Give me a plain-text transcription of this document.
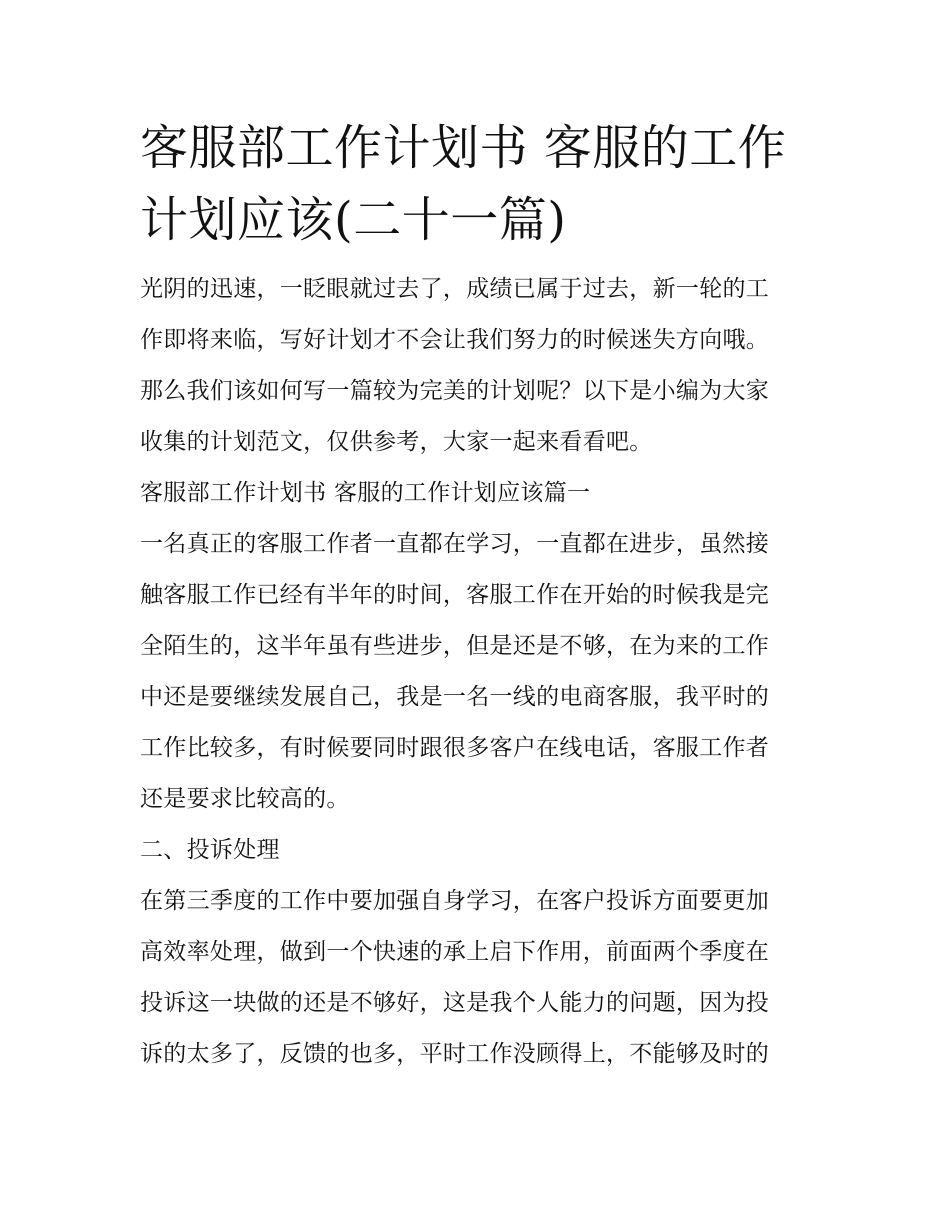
客服部工作计划书 客服的工作
计划应该(二十一篇)
光阴的迅速，一眨眼就过去了，成绩已属于过去，新一轮的工
作即将来临，写好计划才不会让我们努力的时候迷失方向哦。
那么我们该如何写一篇较为完美的计划呢？以下是小编为大家
收集的计划范文，仅供参考，大家一起来看看吧。
客服部工作计划书 客服的工作计划应该篇一
一名真正的客服工作者一直都在学习，一直都在进步，虽然接
触客服工作已经有半年的时间，客服工作在开始的时候我是完
全陌生的，这半年虽有些进步，但是还是不够，在为来的工作
中还是要继续发展自己，我是一名一线的电商客服，我平时的
工作比较多，有时候要同时跟很多客户在线电话，客服工作者
还是要求比较高的。
二、投诉处理
在第三季度的工作中要加强自身学习，在客户投诉方面要更加
高效率处理，做到一个快速的承上启下作用，前面两个季度在
投诉这一块做的还是不够好，这是我个人能力的问题，因为投
诉的太多了，反馈的也多，平时工作没顾得上，不能够及时的
